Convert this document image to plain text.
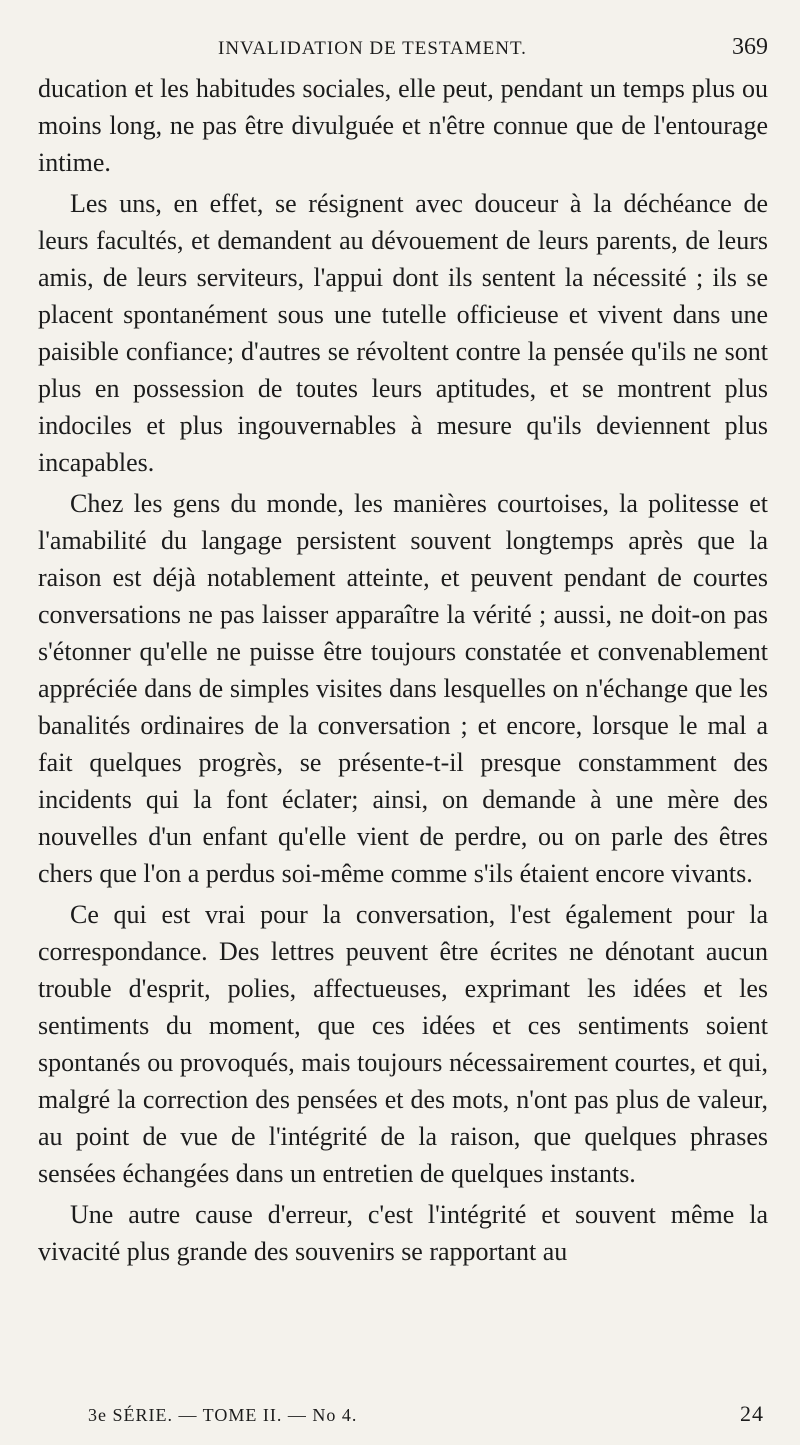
INVALIDATION DE TESTAMENT.	369

ducation et les habitudes sociales, elle peut, pendant un temps plus ou moins long, ne pas être divulguée et n'être connue que de l'entourage intime.

Les uns, en effet, se résignent avec douceur à la déchéance de leurs facultés, et demandent au dévouement de leurs parents, de leurs amis, de leurs serviteurs, l'appui dont ils sentent la nécessité ; ils se placent spontanément sous une tutelle officieuse et vivent dans une paisible confiance; d'autres se révoltent contre la pensée qu'ils ne sont plus en possession de toutes leurs aptitudes, et se montrent plus indociles et plus ingouvernables à mesure qu'ils deviennent plus incapables.

Chez les gens du monde, les manières courtoises, la politesse et l'amabilité du langage persistent souvent longtemps après que la raison est déjà notablement atteinte, et peuvent pendant de courtes conversations ne pas laisser apparaître la vérité ; aussi, ne doit-on pas s'étonner qu'elle ne puisse être toujours constatée et convenablement appréciée dans de simples visites dans lesquelles on n'échange que les banalités ordinaires de la conversation ; et encore, lorsque le mal a fait quelques progrès, se présente-t-il presque constamment des incidents qui la font éclater; ainsi, on demande à une mère des nouvelles d'un enfant qu'elle vient de perdre, ou on parle des êtres chers que l'on a perdus soi-même comme s'ils étaient encore vivants.

Ce qui est vrai pour la conversation, l'est également pour la correspondance. Des lettres peuvent être écrites ne dénotant aucun trouble d'esprit, polies, affectueuses, exprimant les idées et les sentiments du moment, que ces idées et ces sentiments soient spontanés ou provoqués, mais toujours nécessairement courtes, et qui, malgré la correction des pensées et des mots, n'ont pas plus de valeur, au point de vue de l'intégrité de la raison, que quelques phrases sensées échangées dans un entretien de quelques instants.

Une autre cause d'erreur, c'est l'intégrité et souvent même la vivacité plus grande des souvenirs se rapportant au

3e SÉRIE. — TOME II. — No 4.	24
